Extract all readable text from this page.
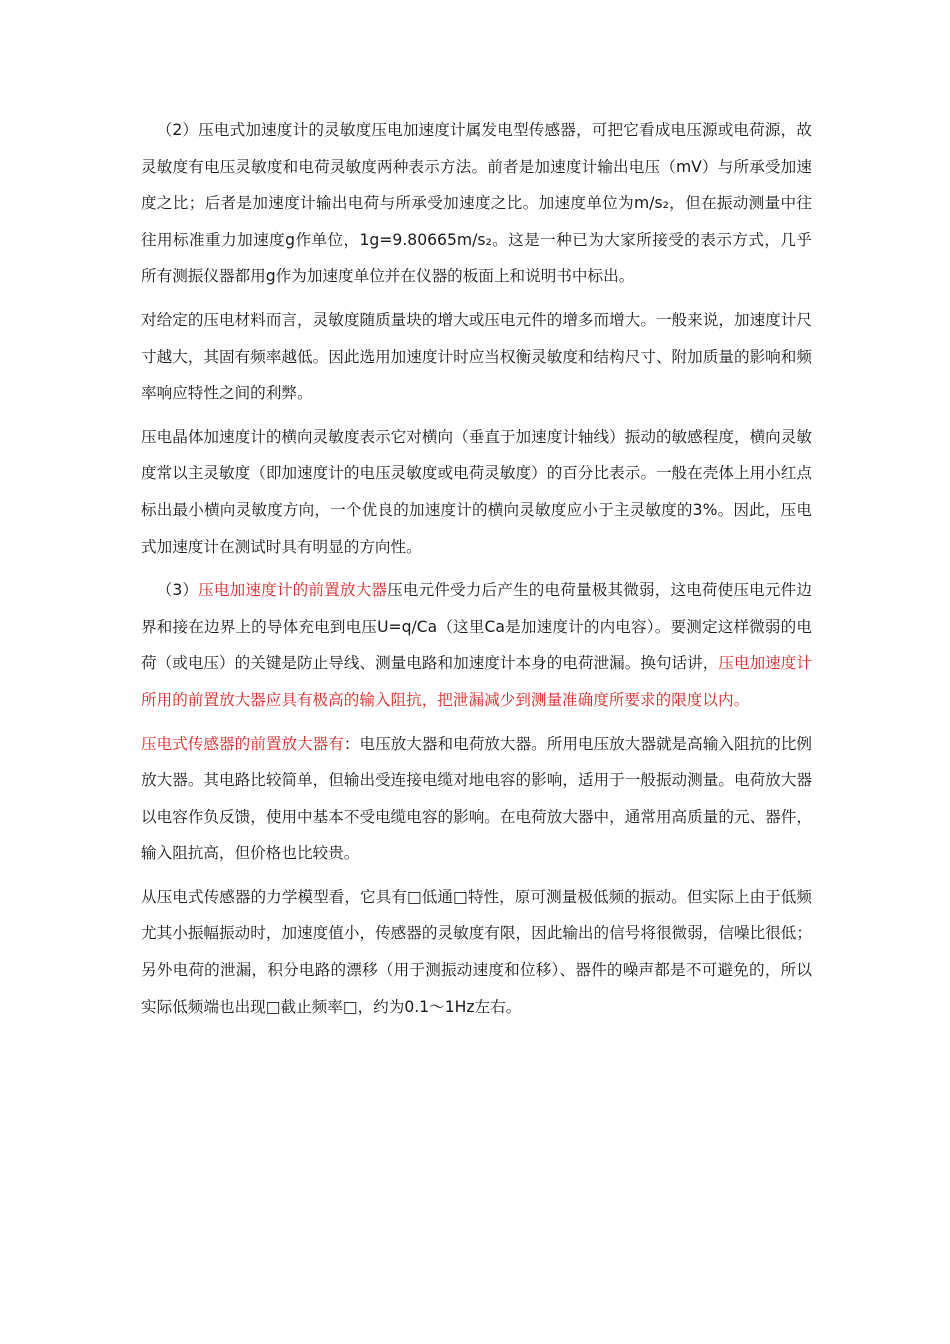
（2）压电式加速度计的灵敏度压电加速度计属发电型传感器，可把它看成电压源或电荷源，故灵敏度有电压灵敏度和电荷灵敏度两种表示方法。前者是加速度计输出电压（mV）与所承受加速度之比；后者是加速度计输出电荷与所承受加速度之比。加速度单位为m/s₂，但在振动测量中往往用标准重力加速度g作单位，1g=9.80665m/s₂。这是一种已为大家所接受的表示方式，几乎所有测振仪器都用g作为加速度单位并在仪器的板面上和说明书中标出。

对给定的压电材料而言，灵敏度随质量块的增大或压电元件的增多而增大。一般来说，加速度计尺寸越大，其固有频率越低。因此选用加速度计时应当权衡灵敏度和结构尺寸、附加质量的影响和频率响应特性之间的利弊。

压电晶体加速度计的横向灵敏度表示它对横向（垂直于加速度计轴线）振动的敏感程度，横向灵敏度常以主灵敏度（即加速度计的电压灵敏度或电荷灵敏度）的百分比表示。一般在壳体上用小红点标出最小横向灵敏度方向，一个优良的加速度计的横向灵敏度应小于主灵敏度的3%。因此，压电式加速度计在测试时具有明显的方向性。

（3）压电加速度计的前置放大器压电元件受力后产生的电荷量极其微弱，这电荷使压电元件边界和接在边界上的导体充电到电压U=q/Ca（这里Ca是加速度计的内电容）。要测定这样微弱的电荷（或电压）的关键是防止导线、测量电路和加速度计本身的电荷泄漏。换句话讲，压电加速度计所用的前置放大器应具有极高的输入阻抗，把泄漏减少到测量准确度所要求的限度以内。

压电式传感器的前置放大器有：电压放大器和电荷放大器。所用电压放大器就是高输入阻抗的比例放大器。其电路比较简单，但输出受连接电缆对地电容的影响，适用于一般振动测量。电荷放大器以电容作负反馈，使用中基本不受电缆电容的影响。在电荷放大器中，通常用高质量的元、器件，输入阻抗高，但价格也比较贵。

从压电式传感器的力学模型看，它具有□低通□特性，原可测量极低频的振动。但实际上由于低频尤其小振幅振动时，加速度值小，传感器的灵敏度有限，因此输出的信号将很微弱，信噪比很低；另外电荷的泄漏，积分电路的漂移（用于测振动速度和位移）、器件的噪声都是不可避免的，所以实际低频端也出现□截止频率□，约为0.1～1Hz左右。
